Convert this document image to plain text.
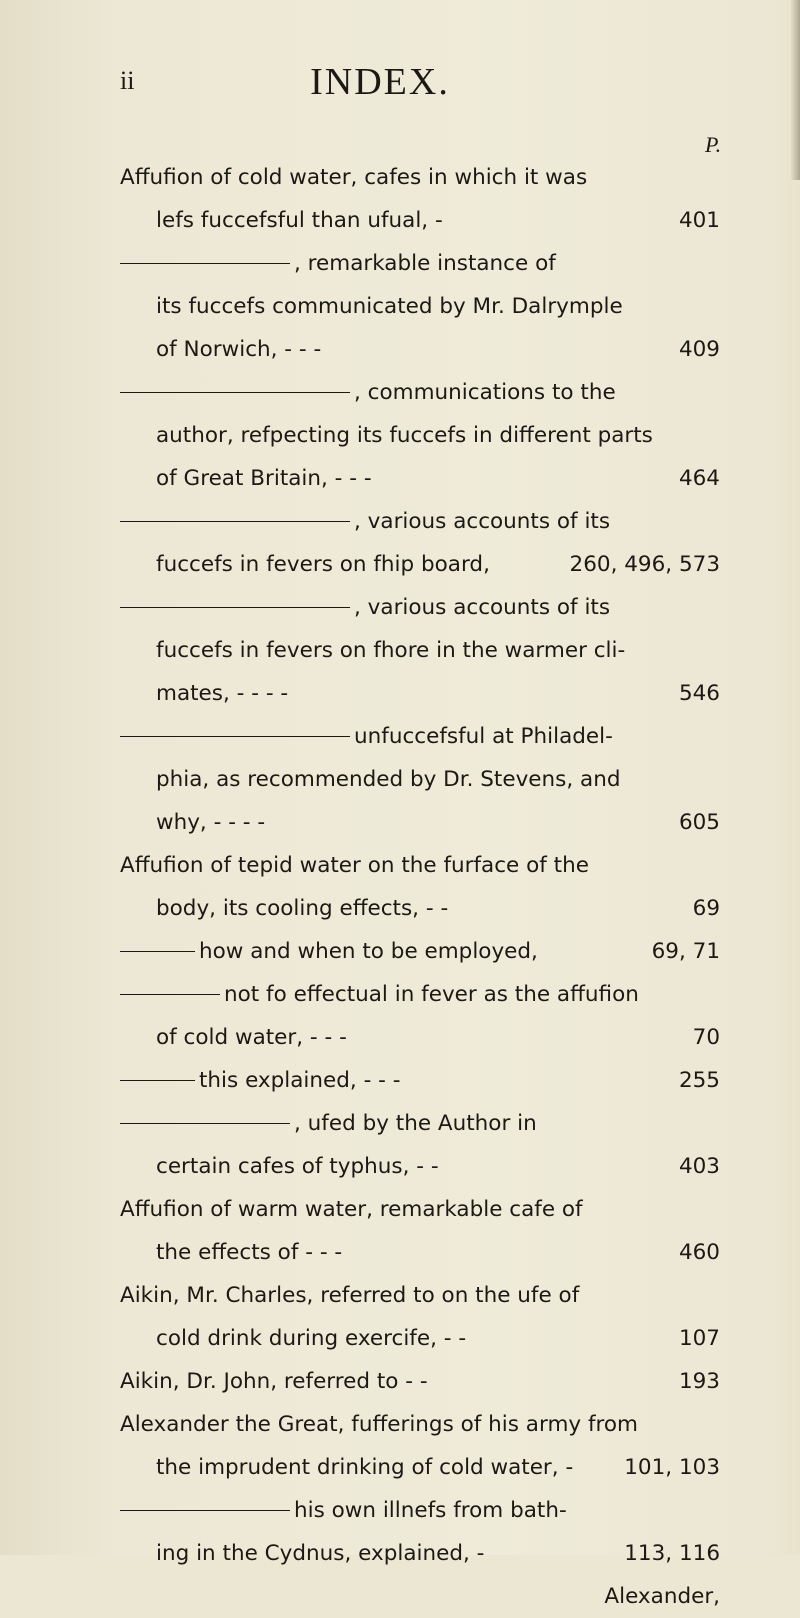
ii	INDEX.
P.
Affufion of cold water, cafes in which it was
lefs fuccefsful than ufual, -	401
, remarkable instance of
its fuccefs communicated by Mr. Dalrymple
of Norwich, - - -	409
, communications to the
author, refpecting its fuccefs in different parts
of Great Britain, - - -	464
, various accounts of its
fuccefs in fevers on fhip board,	260, 496, 573
, various accounts of its
fuccefs in fevers on fhore in the warmer cli-
mates, - - - -	546
unfuccefsful at Philadel-
phia, as recommended by Dr. Stevens, and
why, - - - -	605
Affufion of tepid water on the furface of the
body, its cooling effects, - -	69
how and when to be employed,	69, 71
not fo effectual in fever as the affufion
of cold water, - - -	70
this explained, - - -	255
, ufed by the Author in
certain cafes of typhus, - -	403
Affufion of warm water, remarkable cafe of
the effects of - - -	460
Aikin, Mr. Charles, referred to on the ufe of
cold drink during exercife, - -	107
Aikin, Dr. John, referred to - -	193
Alexander the Great, fufferings of his army from
the imprudent drinking of cold water, - 101, 103
his own illnefs from bath-
ing in the Cydnus, explained, -	113, 116
Alexander,
